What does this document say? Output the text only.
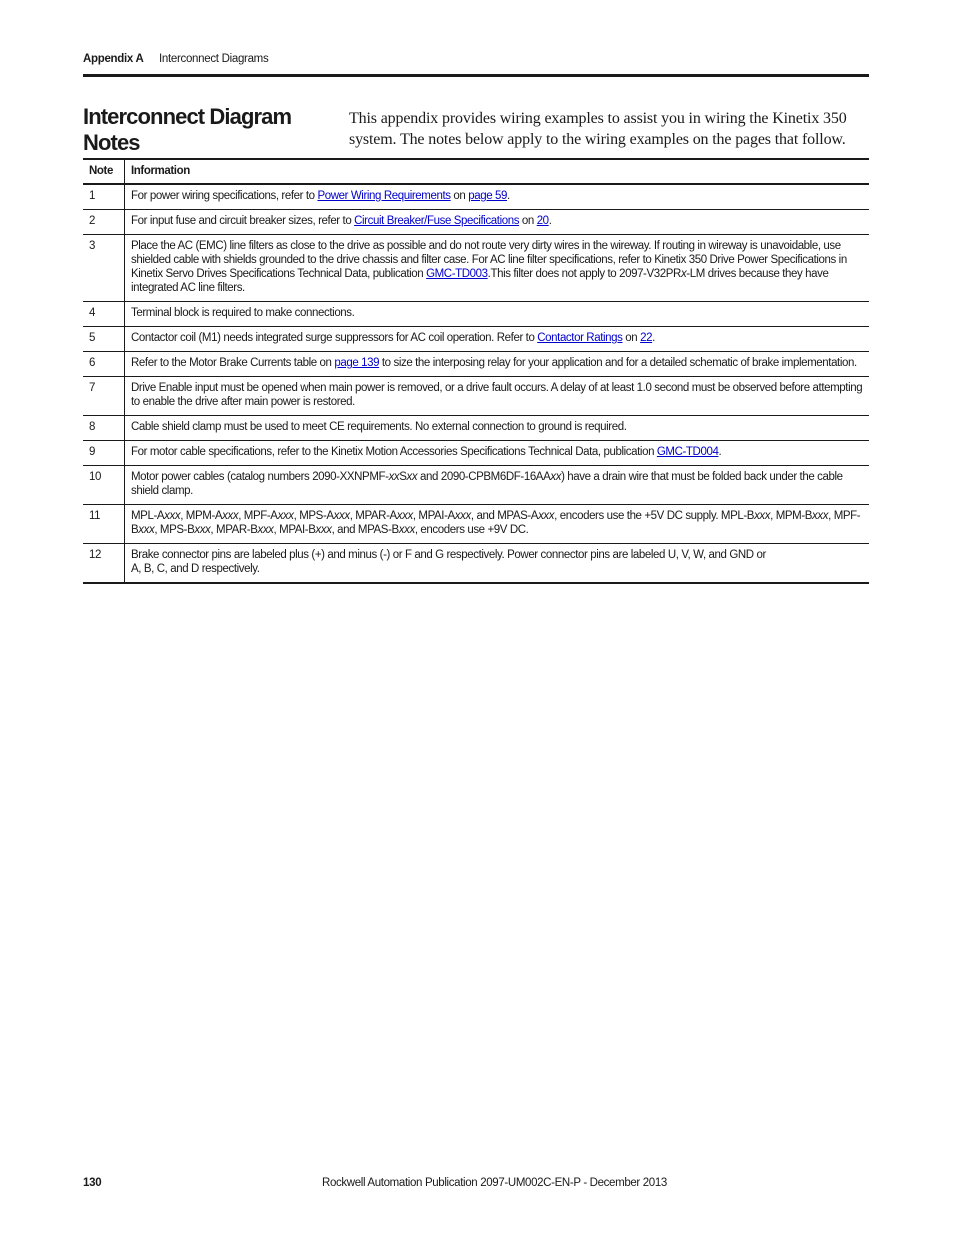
Appendix A Interconnect Diagrams
Interconnect Diagram Notes

This appendix provides wiring examples to assist you in wiring the Kinetix 350 system. The notes below apply to the wiring examples on the pages that follow.

Note	Information
1	For power wiring specifications, refer to Power Wiring Requirements on page 59.
2	For input fuse and circuit breaker sizes, refer to Circuit Breaker/Fuse Specifications on 20.
3	Place the AC (EMC) line filters as close to the drive as possible and do not route very dirty wires in the wireway. If routing in wireway is unavoidable, use shielded cable with shields grounded to the drive chassis and filter case. For AC line filter specifications, refer to Kinetix 350 Drive Power Specifications in Kinetix Servo Drives Specifications Technical Data, publication GMC-TD003.This filter does not apply to 2097-V32PRx-LM drives because they have integrated AC line filters.
4	Terminal block is required to make connections.
5	Contactor coil (M1) needs integrated surge suppressors for AC coil operation. Refer to Contactor Ratings on 22.
6	Refer to the Motor Brake Currents table on page 139 to size the interposing relay for your application and for a detailed schematic of brake implementation.
7	Drive Enable input must be opened when main power is removed, or a drive fault occurs. A delay of at least 1.0 second must be observed before attempting to enable the drive after main power is restored.
8	Cable shield clamp must be used to meet CE requirements. No external connection to ground is required.
9	For motor cable specifications, refer to the Kinetix Motion Accessories Specifications Technical Data, publication GMC-TD004.
10	Motor power cables (catalog numbers 2090-XXNPMF-xxSxx and 2090-CPBM6DF-16AAxx) have a drain wire that must be folded back under the cable shield clamp.
11	MPL-Axxx, MPM-Axxx, MPF-Axxx, MPS-Axxx, MPAR-Axxx, MPAI-Axxx, and MPAS-Axxx, encoders use the +5V DC supply. MPL-Bxxx, MPM-Bxxx, MPF-Bxxx, MPS-Bxxx, MPAR-Bxxx, MPAI-Bxxx, and MPAS-Bxxx, encoders use +9V DC.
12	Brake connector pins are labeled plus (+) and minus (-) or F and G respectively. Power connector pins are labeled U, V, W, and GND or
A, B, C, and D respectively.
130	Rockwell Automation Publication 2097-UM002C-EN-P - December 2013
